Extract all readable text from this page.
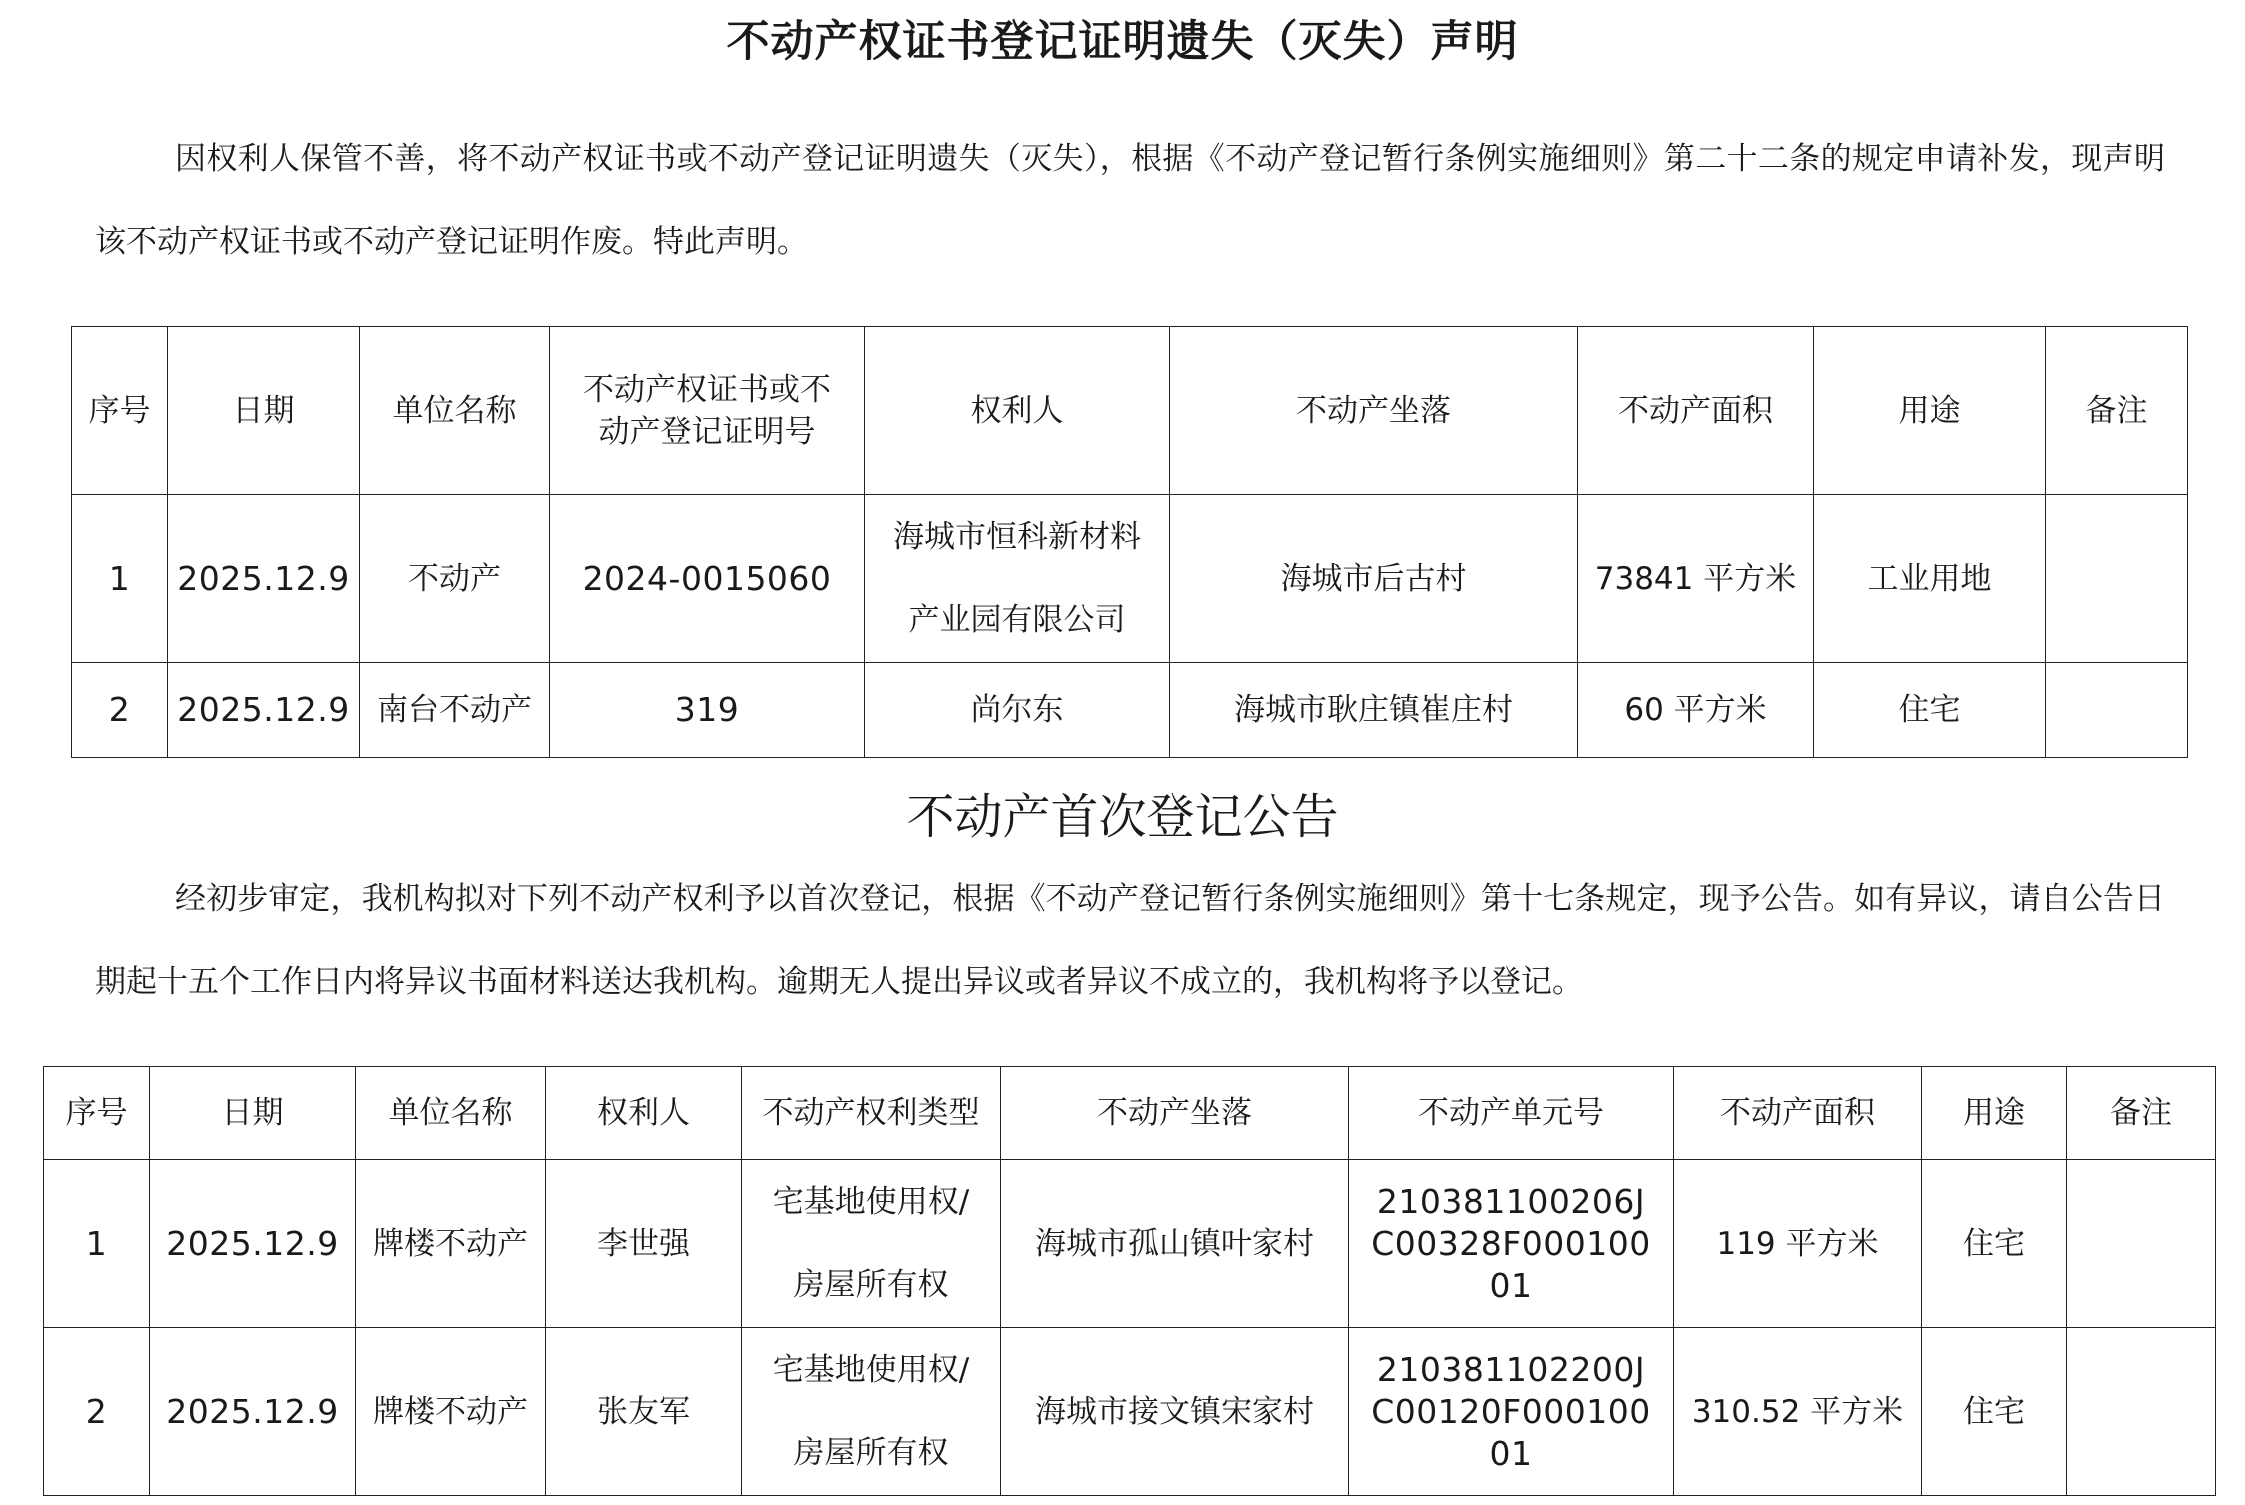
不动产权证书登记证明遗失（灭失）声明

因权利人保管不善，将不动产权证书或不动产登记证明遗失（灭失），根据《不动产登记暂行条例实施细则》第二十二条的规定申请补发，现声明该不动产权证书或不动产登记证明作废。特此声明。

序号	日期	单位名称	不动产权证书或不动产登记证明号	权利人	不动产坐落	不动产面积	用途	备注
1	2025.12.9	不动产	2024-0015060	海城市恒科新材料产业园有限公司	海城市后古村	73841 平方米	工业用地	
2	2025.12.9	南台不动产	319	尚尔东	海城市耿庄镇崔庄村	60 平方米	住宅	
不动产首次登记公告

经初步审定，我机构拟对下列不动产权利予以首次登记，根据《不动产登记暂行条例实施细则》第十七条规定，现予公告。如有异议，请自公告日期起十五个工作日内将异议书面材料送达我机构。逾期无人提出异议或者异议不成立的，我机构将予以登记。

序号	日期	单位名称	权利人	不动产权利类型	不动产坐落	不动产单元号	不动产面积	用途	备注
1	2025.12.9	牌楼不动产	李世强	宅基地使用权/房屋所有权	海城市孤山镇叶家村	210381100206JC00328F00010001	119 平方米	住宅	
2	2025.12.9	牌楼不动产	张友军	宅基地使用权/房屋所有权	海城市接文镇宋家村	210381102200JC00120F00010001	310.52 平方米	住宅	
